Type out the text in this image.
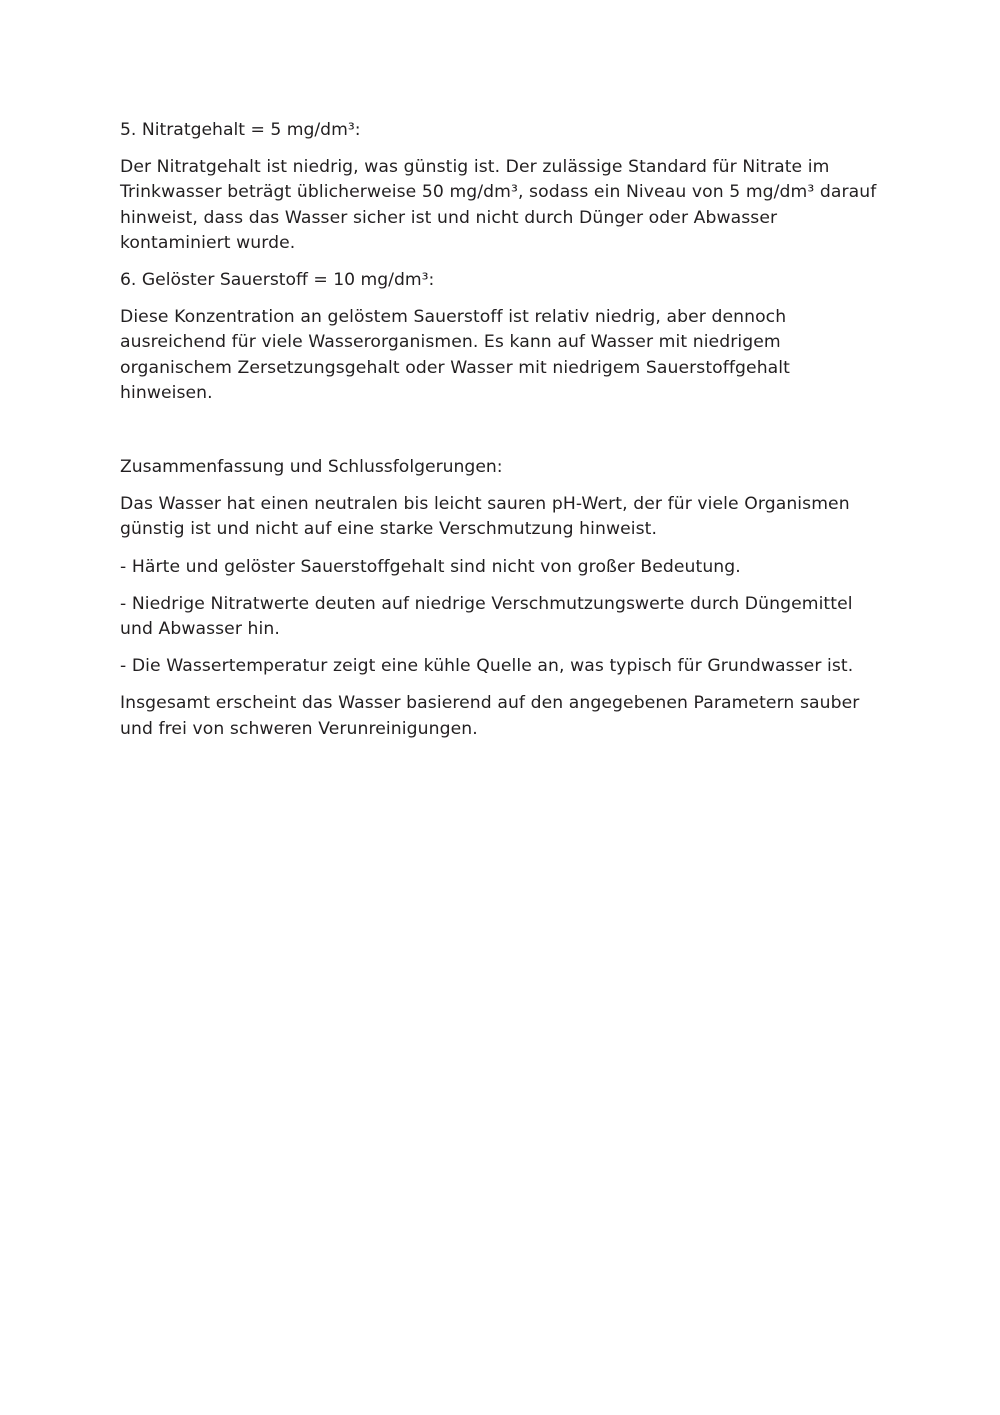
5. Nitratgehalt = 5 mg/dm³:

Der Nitratgehalt ist niedrig, was günstig ist. Der zulässige Standard für Nitrate im Trinkwasser beträgt üblicherweise 50 mg/dm³, sodass ein Niveau von 5 mg/dm³ darauf hinweist, dass das Wasser sicher ist und nicht durch Dünger oder Abwasser kontaminiert wurde.

6. Gelöster Sauerstoff = 10 mg/dm³:

Diese Konzentration an gelöstem Sauerstoff ist relativ niedrig, aber dennoch ausreichend für viele Wasserorganismen. Es kann auf Wasser mit niedrigem organischem Zersetzungsgehalt oder Wasser mit niedrigem Sauerstoffgehalt hinweisen.

Zusammenfassung und Schlussfolgerungen:

Das Wasser hat einen neutralen bis leicht sauren pH-Wert, der für viele Organismen günstig ist und nicht auf eine starke Verschmutzung hinweist.

- Härte und gelöster Sauerstoffgehalt sind nicht von großer Bedeutung.

- Niedrige Nitratwerte deuten auf niedrige Verschmutzungswerte durch Düngemittel und Abwasser hin.

- Die Wassertemperatur zeigt eine kühle Quelle an, was typisch für Grundwasser ist.

Insgesamt erscheint das Wasser basierend auf den angegebenen Parametern sauber und frei von schweren Verunreinigungen.
